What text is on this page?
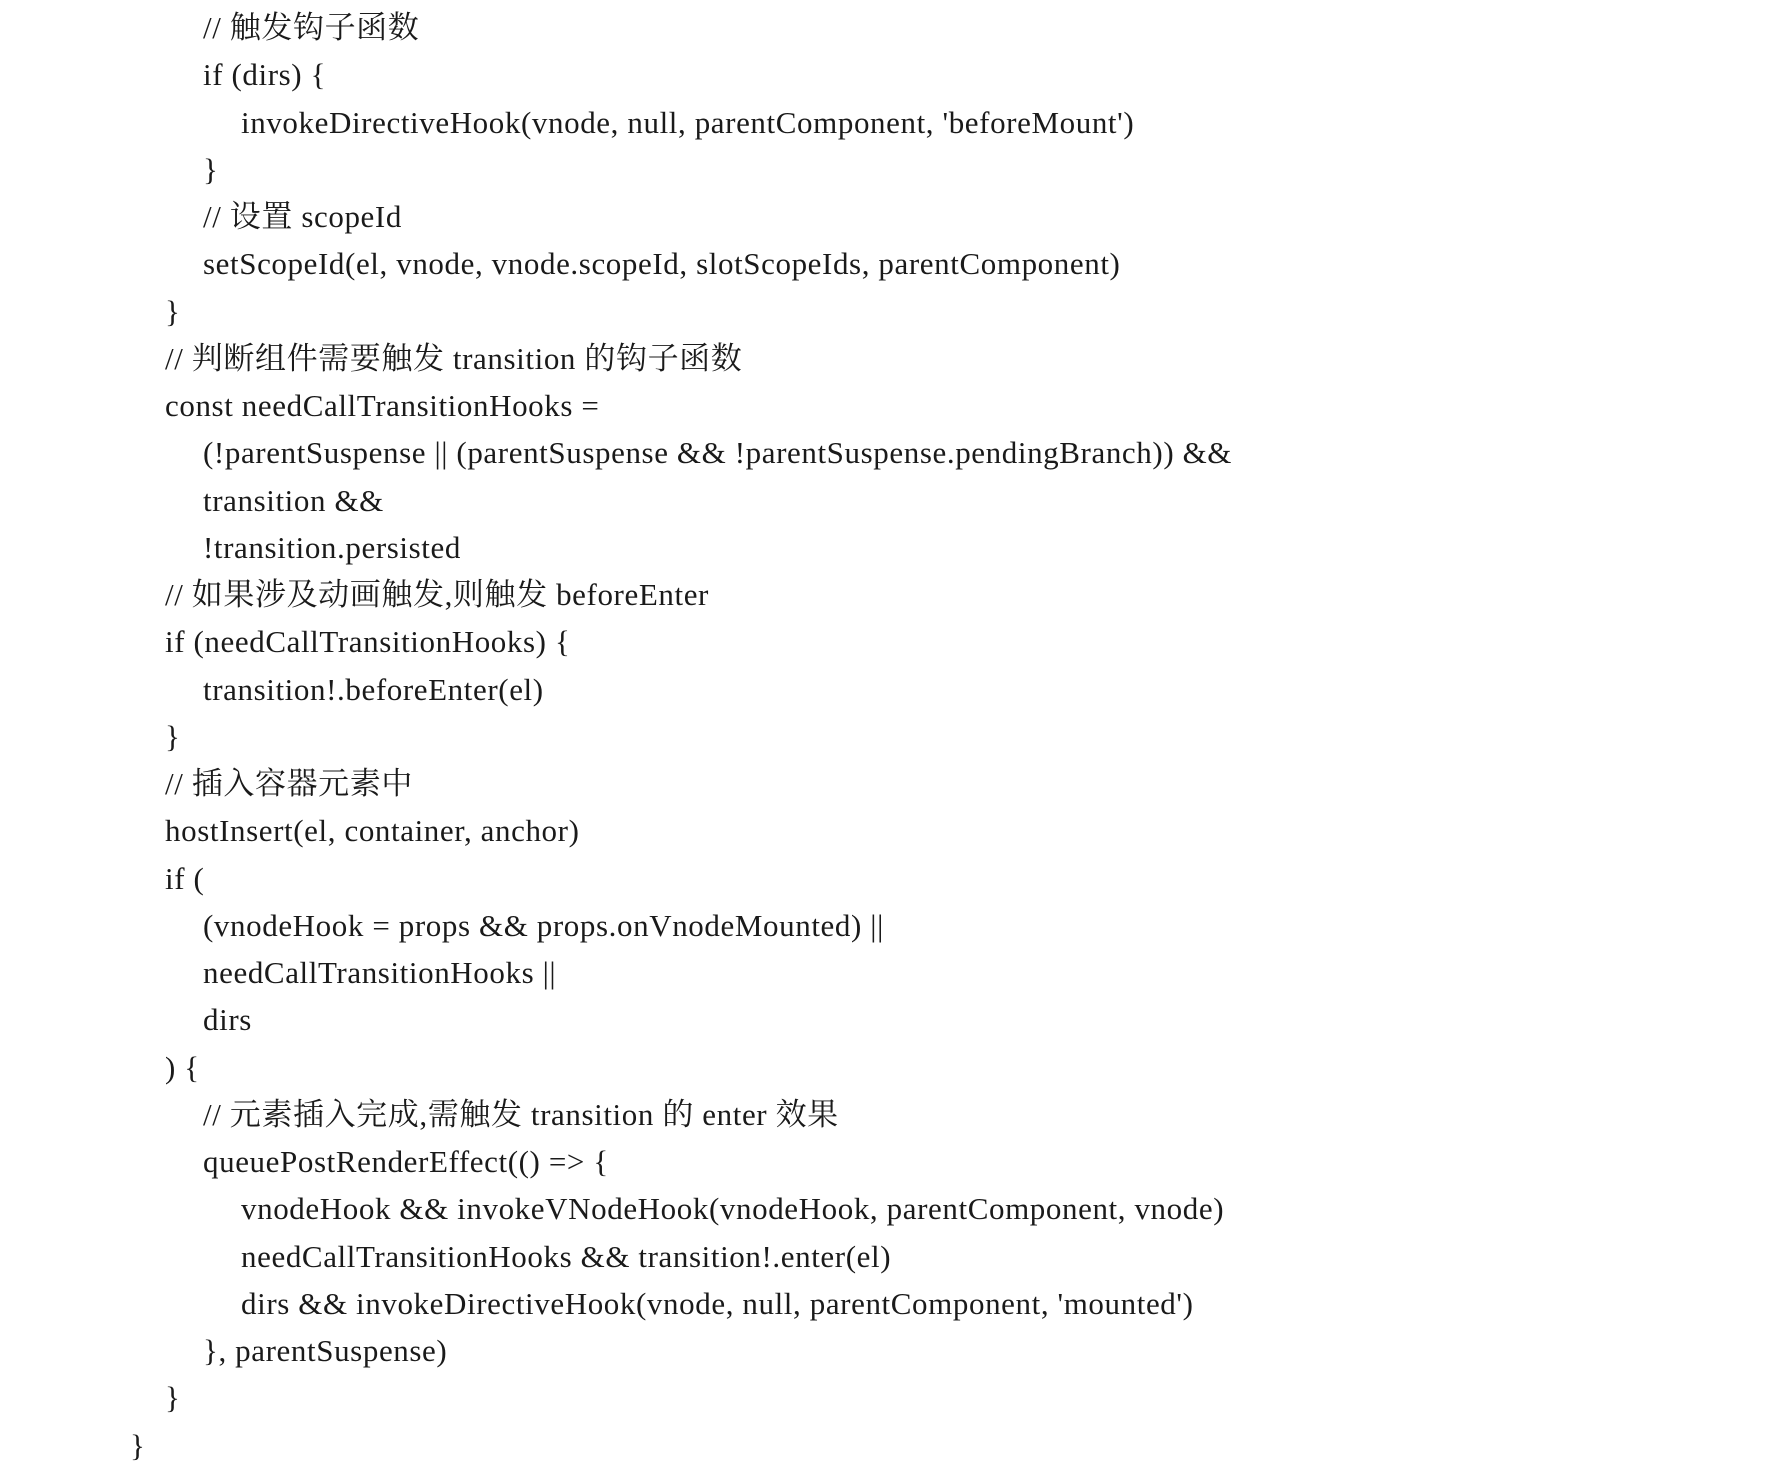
// 触发钩子函数
if (dirs) {
invokeDirectiveHook(vnode, null, parentComponent, 'beforeMount')
}
// 设置 scopeId
setScopeId(el, vnode, vnode.scopeId, slotScopeIds, parentComponent)
}
// 判断组件需要触发 transition 的钩子函数
const needCallTransitionHooks =
(!parentSuspense || (parentSuspense && !parentSuspense.pendingBranch)) &&
transition &&
!transition.persisted
// 如果涉及动画触发,则触发 beforeEnter
if (needCallTransitionHooks) {
transition!.beforeEnter(el)
}
// 插入容器元素中
hostInsert(el, container, anchor)
if (
(vnodeHook = props && props.onVnodeMounted) ||
needCallTransitionHooks ||
dirs
) {
// 元素插入完成,需触发 transition 的 enter 效果
queuePostRenderEffect(() => {
vnodeHook && invokeVNodeHook(vnodeHook, parentComponent, vnode)
needCallTransitionHooks && transition!.enter(el)
dirs && invokeDirectiveHook(vnode, null, parentComponent, 'mounted')
}, parentSuspense)
}
}
